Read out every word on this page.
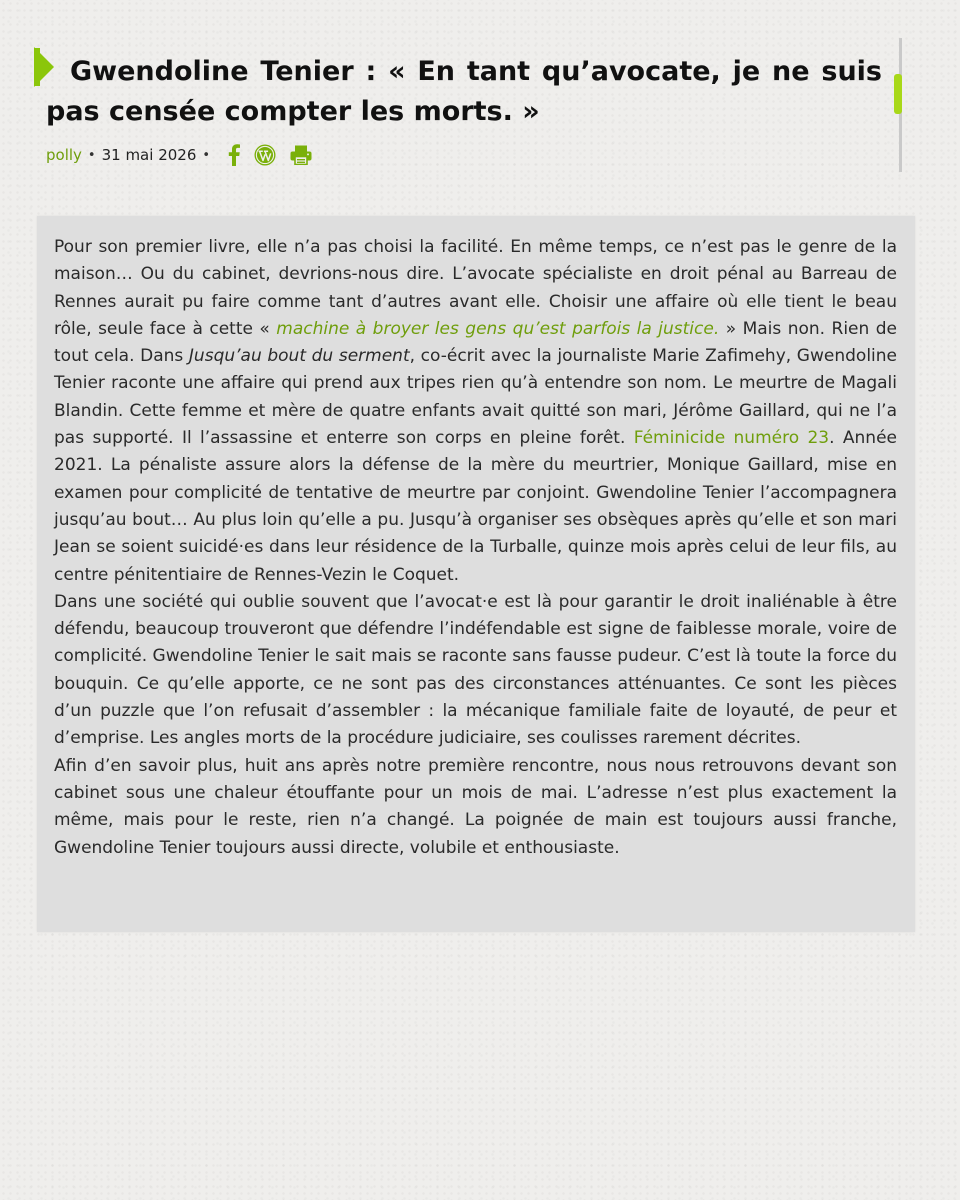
Gwendoline Tenier : « En tant qu’avocate, je ne suis pas censée compter les morts. »
polly • 31 mai 2026 •

Pour son premier livre, elle n’a pas choisi la facilité. En même temps, ce n’est pas le genre de la maison… Ou du cabinet, devrions-nous dire. L’avocate spécialiste en droit pénal au Barreau de Rennes aurait pu faire comme tant d’autres avant elle. Choisir une affaire où elle tient le beau rôle, seule face à cette « machine à broyer les gens qu’est parfois la justice. » Mais non. Rien de tout cela. Dans Jusqu’au bout du serment, co-écrit avec la journaliste Marie Zafimehy, Gwendoline Tenier raconte une affaire qui prend aux tripes rien qu’à entendre son nom. Le meurtre de Magali Blandin. Cette femme et mère de quatre enfants avait quitté son mari, Jérôme Gaillard, qui ne l’a pas supporté. Il l’assassine et enterre son corps en pleine forêt. Féminicide numéro 23. Année 2021. La pénaliste assure alors la défense de la mère du meurtrier, Monique Gaillard, mise en examen pour complicité de tentative de meurtre par conjoint. Gwendoline Tenier l’accompagnera jusqu’au bout… Au plus loin qu’elle a pu. Jusqu’à organiser ses obsèques après qu’elle et son mari Jean se soient suicidé·es dans leur résidence de la Turballe, quinze mois après celui de leur fils, au centre pénitentiaire de Rennes-Vezin le Coquet.

Dans une société qui oublie souvent que l’avocat·e est là pour garantir le droit inaliénable à être défendu, beaucoup trouveront que défendre l’indéfendable est signe de faiblesse morale, voire de complicité. Gwendoline Tenier le sait mais se raconte sans fausse pudeur. C’est là toute la force du bouquin. Ce qu’elle apporte, ce ne sont pas des circonstances atténuantes. Ce sont les pièces d’un puzzle que l’on refusait d’assembler : la mécanique familiale faite de loyauté, de peur et d’emprise. Les angles morts de la procédure judiciaire, ses coulisses rarement décrites.

Afin d’en savoir plus, huit ans après notre première rencontre, nous nous retrouvons devant son cabinet sous une chaleur étouffante pour un mois de mai. L’adresse n’est plus exactement la même, mais pour le reste, rien n’a changé. La poignée de main est toujours aussi franche, Gwendoline Tenier toujours aussi directe, volubile et enthousiaste.
